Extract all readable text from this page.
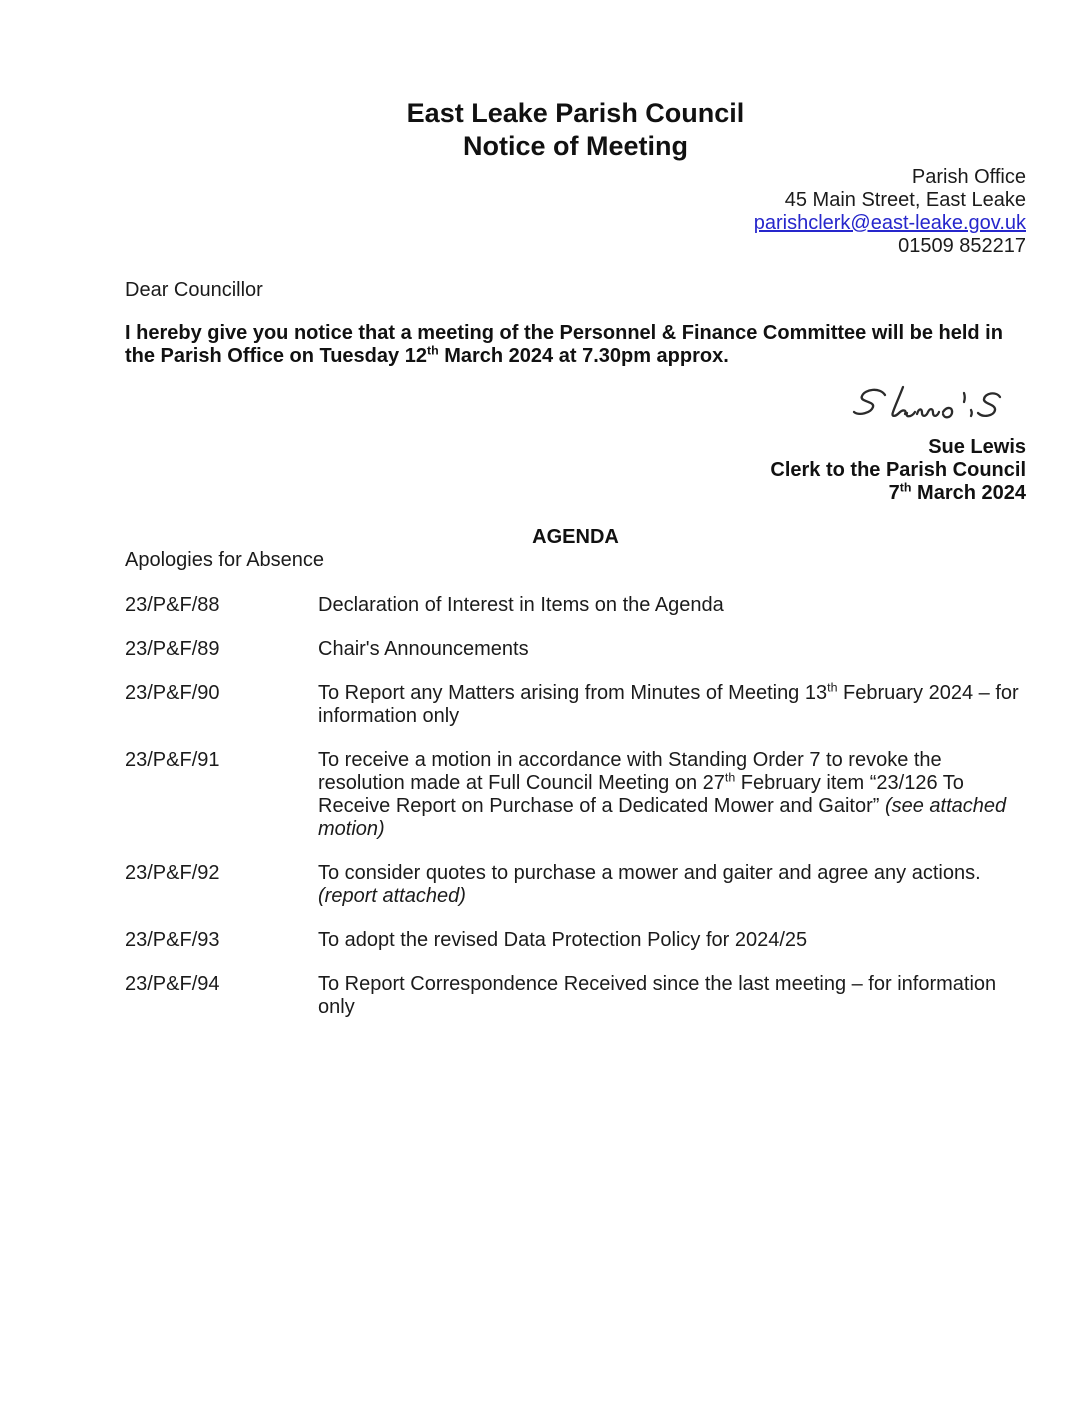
East Leake Parish Council
Notice of Meeting
Parish Office
45 Main Street, East Leake
parishclerk@east-leake.gov.uk
01509 852217
Dear Councillor
I hereby give you notice that a meeting of the Personnel & Finance Committee will be held in the Parish Office on Tuesday 12th March 2024 at 7.30pm approx.
Sue Lewis
Clerk to the Parish Council
7th March 2024
AGENDA
Apologies for Absence
23/P&F/88	Declaration of Interest in Items on the Agenda
23/P&F/89	Chair's Announcements
23/P&F/90	To Report any Matters arising from Minutes of Meeting 13th February 2024 – for information only
23/P&F/91	To receive a motion in accordance with Standing Order 7 to revoke the resolution made at Full Council Meeting on 27th February item “23/126 To Receive Report on Purchase of a Dedicated Mower and Gaitor” (see attached motion)
23/P&F/92	To consider quotes to purchase a mower and gaiter and agree any actions. (report attached)
23/P&F/93	To adopt the revised Data Protection Policy for 2024/25
23/P&F/94	To Report Correspondence Received since the last meeting – for information only
